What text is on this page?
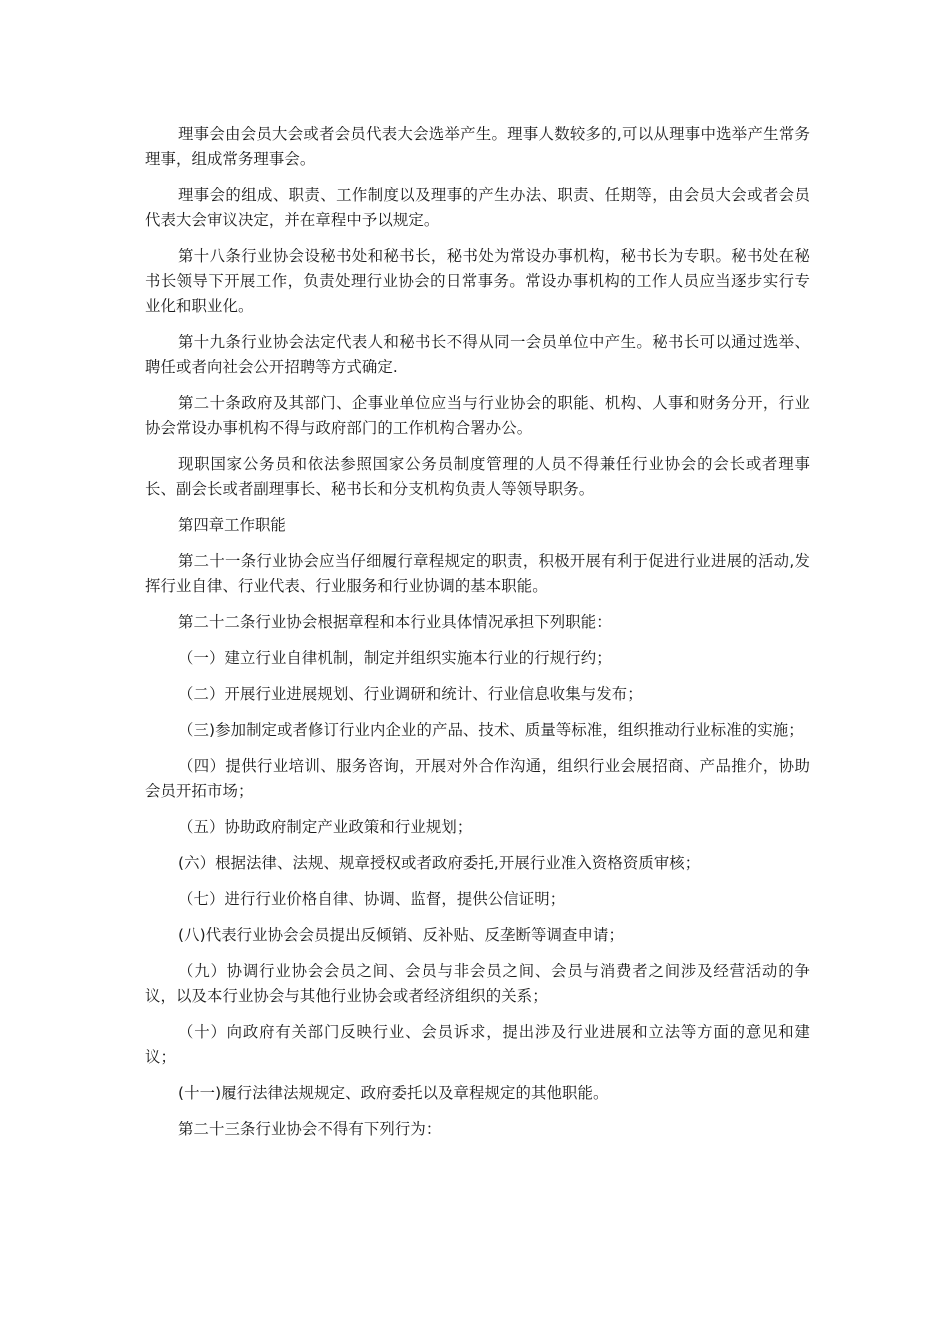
理事会由会员大会或者会员代表大会选举产生。理事人数较多的,可以从理事中选举产生常务理事，组成常务理事会。

理事会的组成、职责、工作制度以及理事的产生办法、职责、任期等，由会员大会或者会员代表大会审议决定，并在章程中予以规定。

第十八条行业协会设秘书处和秘书长，秘书处为常设办事机构，秘书长为专职。秘书处在秘书长领导下开展工作，负责处理行业协会的日常事务。常设办事机构的工作人员应当逐步实行专业化和职业化。

第十九条行业协会法定代表人和秘书长不得从同一会员单位中产生。秘书长可以通过选举、聘任或者向社会公开招聘等方式确定.

第二十条政府及其部门、企事业单位应当与行业协会的职能、机构、人事和财务分开，行业协会常设办事机构不得与政府部门的工作机构合署办公。

现职国家公务员和依法参照国家公务员制度管理的人员不得兼任行业协会的会长或者理事长、副会长或者副理事长、秘书长和分支机构负责人等领导职务。

第四章工作职能

第二十一条行业协会应当仔细履行章程规定的职责，积极开展有利于促进行业进展的活动,发挥行业自律、行业代表、行业服务和行业协调的基本职能。

第二十二条行业协会根据章程和本行业具体情况承担下列职能：

（一）建立行业自律机制，制定并组织实施本行业的行规行约；

（二）开展行业进展规划、行业调研和统计、行业信息收集与发布；

（三)参加制定或者修订行业内企业的产品、技术、质量等标准，组织推动行业标准的实施；

（四）提供行业培训、服务咨询，开展对外合作沟通，组织行业会展招商、产品推介，协助会员开拓市场；

（五）协助政府制定产业政策和行业规划；

(六）根据法律、法规、规章授权或者政府委托,开展行业准入资格资质审核；

（七）进行行业价格自律、协调、监督，提供公信证明；

(八)代表行业协会会员提出反倾销、反补贴、反垄断等调查申请；

（九）协调行业协会会员之间、会员与非会员之间、会员与消费者之间涉及经营活动的争议，以及本行业协会与其他行业协会或者经济组织的关系；

（十）向政府有关部门反映行业、会员诉求，提出涉及行业进展和立法等方面的意见和建议；

(十一)履行法律法规规定、政府委托以及章程规定的其他职能。

第二十三条行业协会不得有下列行为：
